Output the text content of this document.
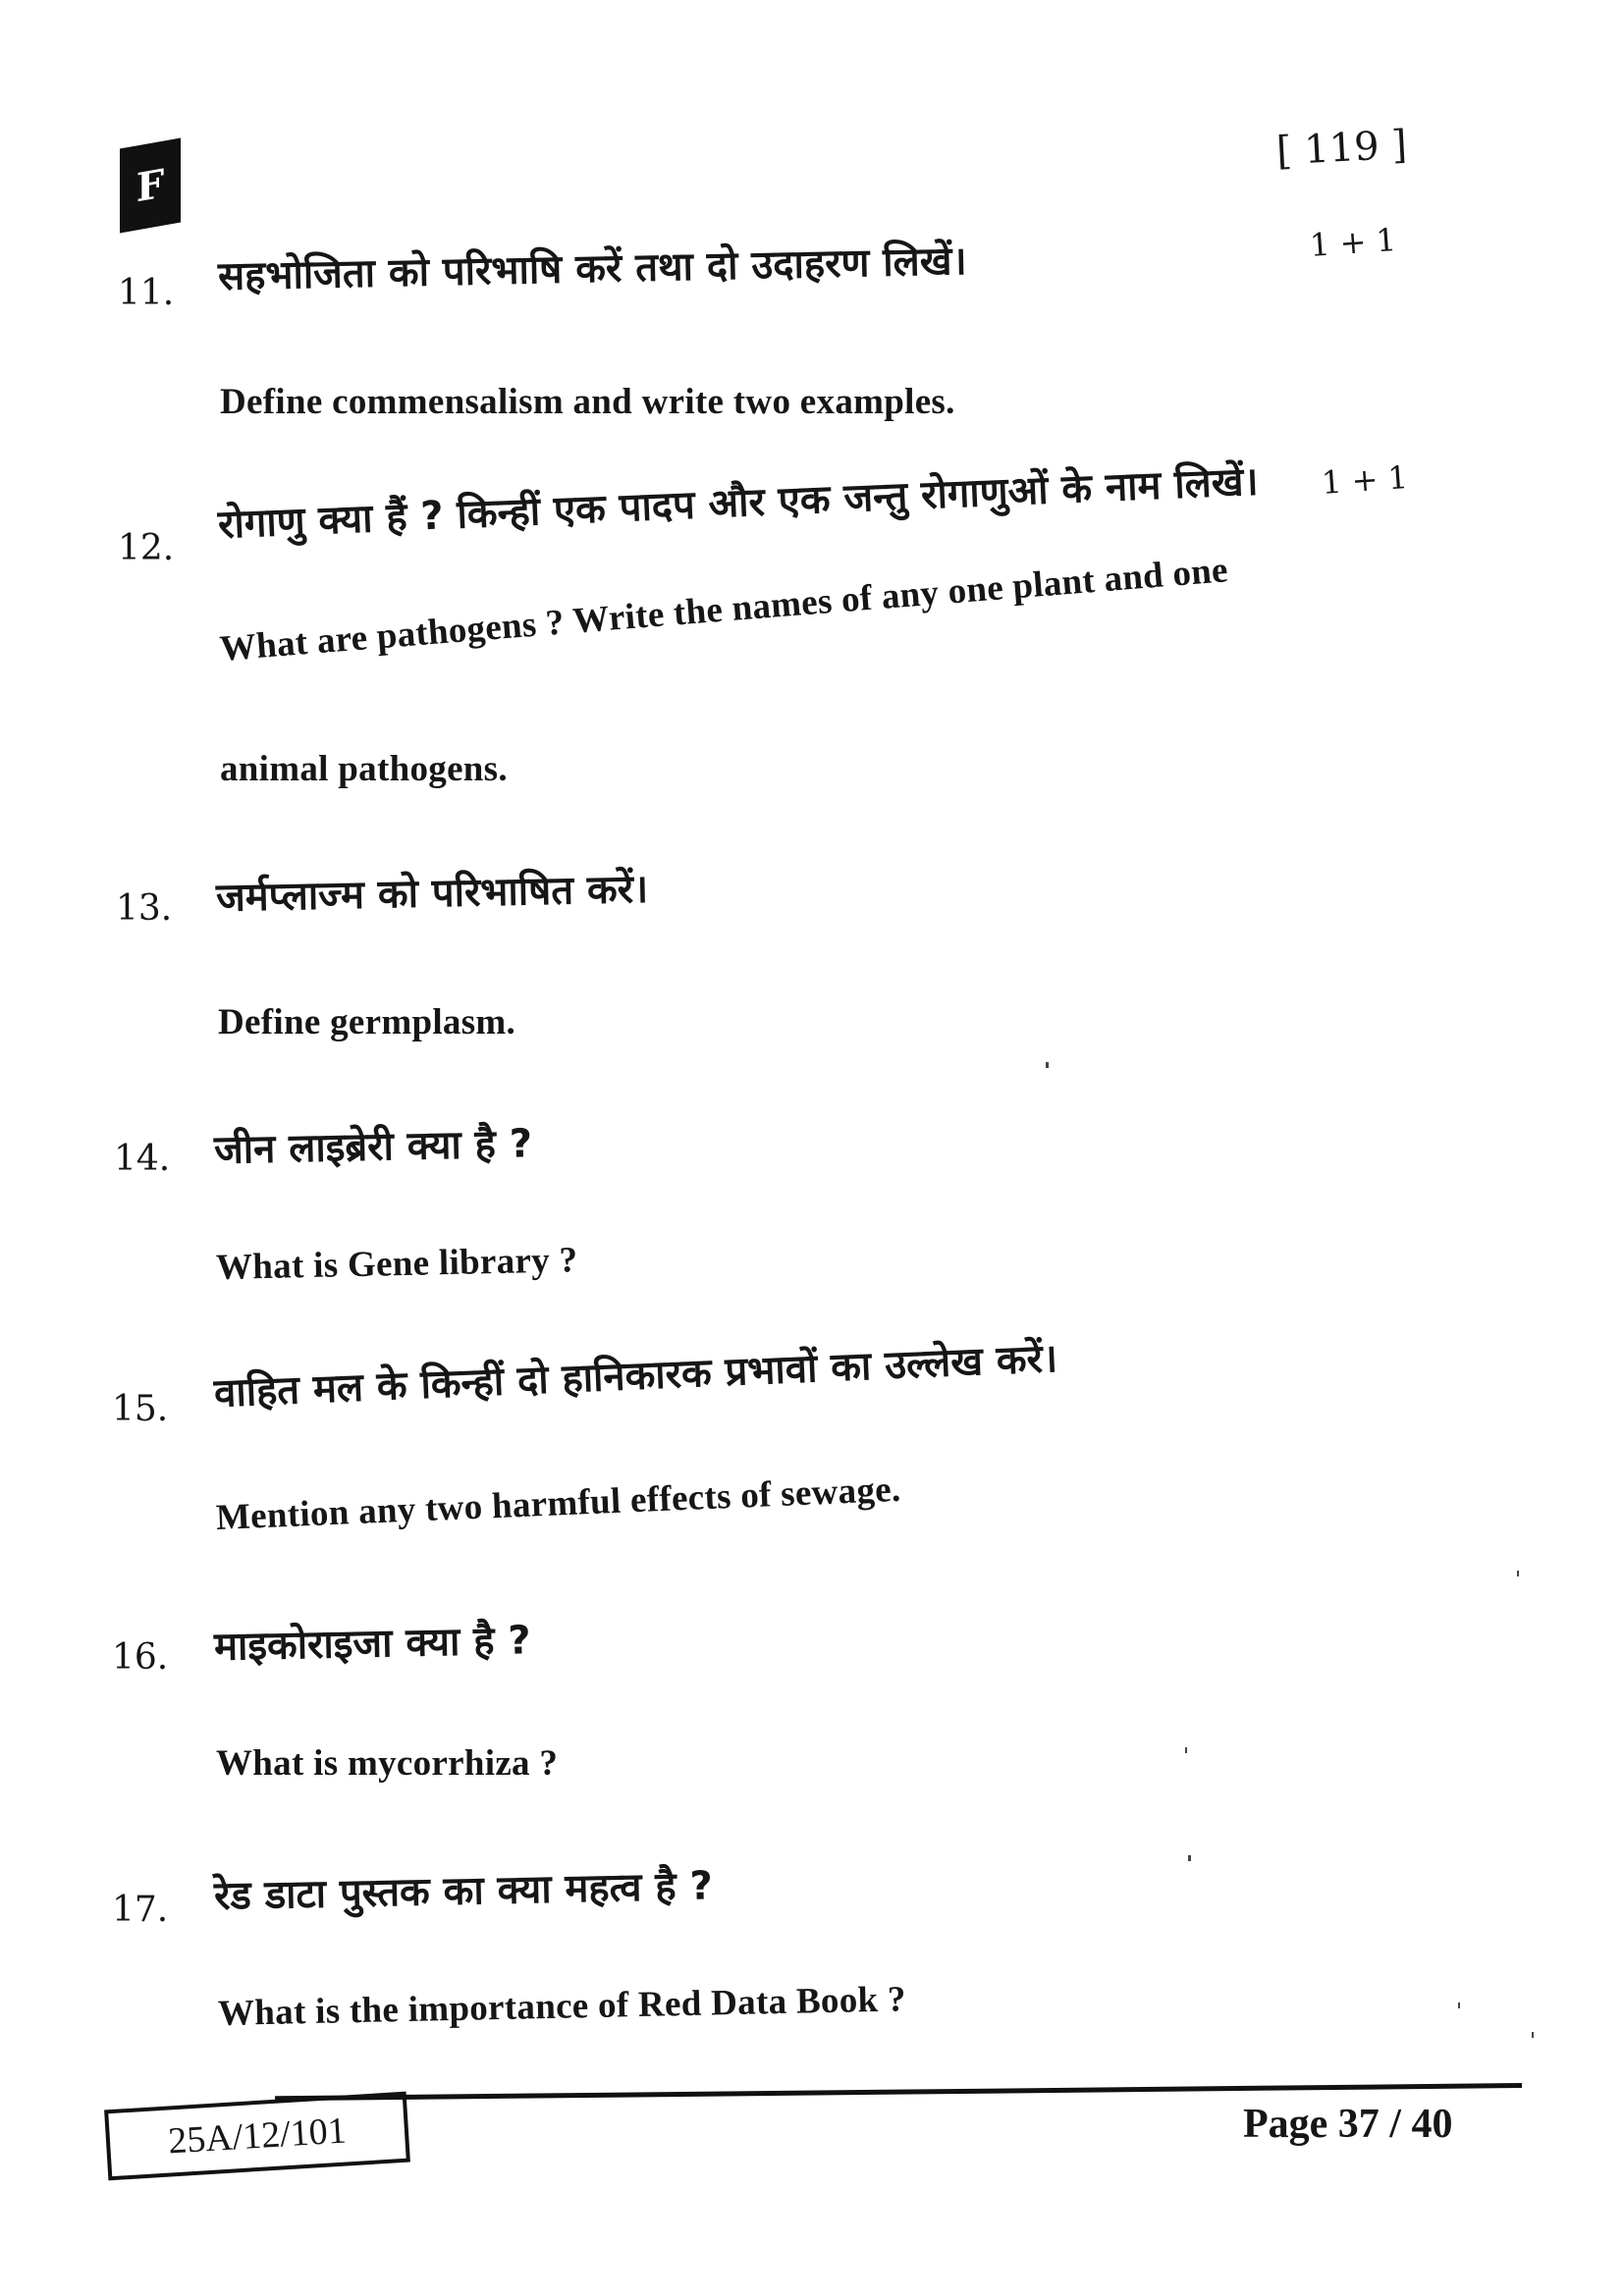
F
[ 119 ]
11. सहभोजिता को परिभाषि करें तथा दो उदाहरण लिखें।	1 + 1
Define commensalism and write two examples.
12.
रोगाणु क्या हैं ? किन्हीं एक पादप और एक जन्तु रोगाणुओं के नाम लिखें। 1 + 1
What are pathogens ? Write the names of any one plant and one
animal pathogens.
13. जर्मप्लाज्म को परिभाषित करें।
Define germplasm.
14. जीन लाइब्रेरी क्या है ?
What is Gene library ?
15. वाहित मल के किन्हीं दो हानिकारक प्रभावों का उल्लेख करें।
Mention any two harmful effects of sewage.
16. माइकोराइजा क्या है ?
What is mycorrhiza ?
17. रेड डाटा पुस्तक का क्या महत्व है ?
What is the importance of Red Data Book ?
25A/12/101	Page 37 / 40
